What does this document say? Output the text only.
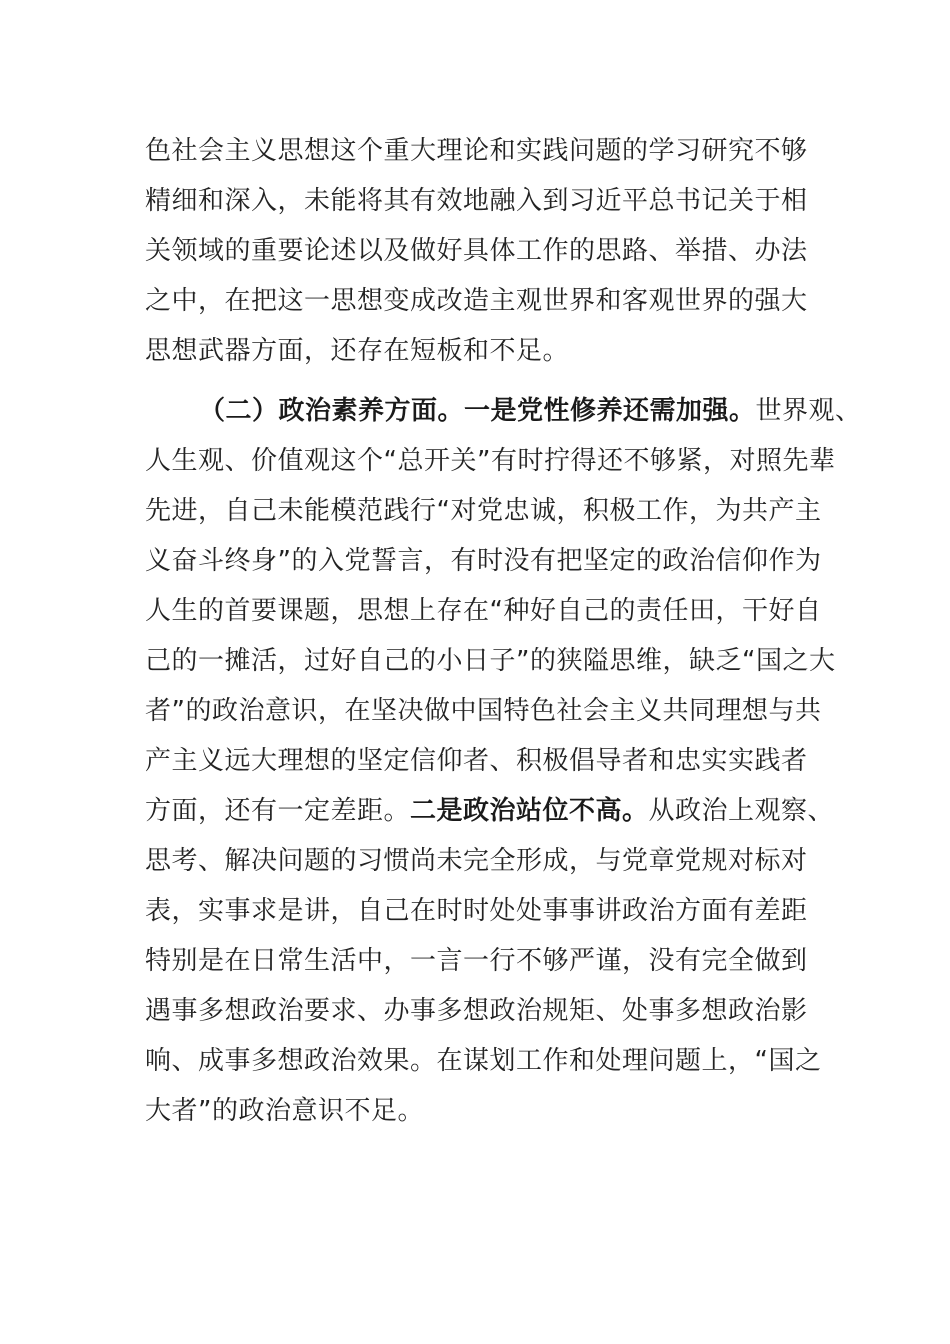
色社会主义思想这个重大理论和实践问题的学习研究不够
精细和深入，未能将其有效地融入到习近平总书记关于相
关领域的重要论述以及做好具体工作的思路、举措、办法
之中，在把这一思想变成改造主观世界和客观世界的强大
思想武器方面，还存在短板和不足。
（二）政治素养方面。一是党性修养还需加强。世界观、
人生观、价值观这个“总开关”有时拧得还不够紧，对照先辈
先进，自己未能模范践行“对党忠诚，积极工作，为共产主
义奋斗终身”的入党誓言，有时没有把坚定的政治信仰作为
人生的首要课题，思想上存在“种好自己的责任田，干好自
己的一摊活，过好自己的小日子”的狭隘思维，缺乏“国之大
者”的政治意识，在坚决做中国特色社会主义共同理想与共
产主义远大理想的坚定信仰者、积极倡导者和忠实实践者
方面，还有一定差距。二是政治站位不高。从政治上观察、
思考、解决问题的习惯尚未完全形成，与党章党规对标对
表，实事求是讲，自己在时时处处事事讲政治方面有差距
特别是在日常生活中，一言一行不够严谨，没有完全做到
遇事多想政治要求、办事多想政治规矩、处事多想政治影
响、成事多想政治效果。在谋划工作和处理问题上，“国之
大者”的政治意识不足。
